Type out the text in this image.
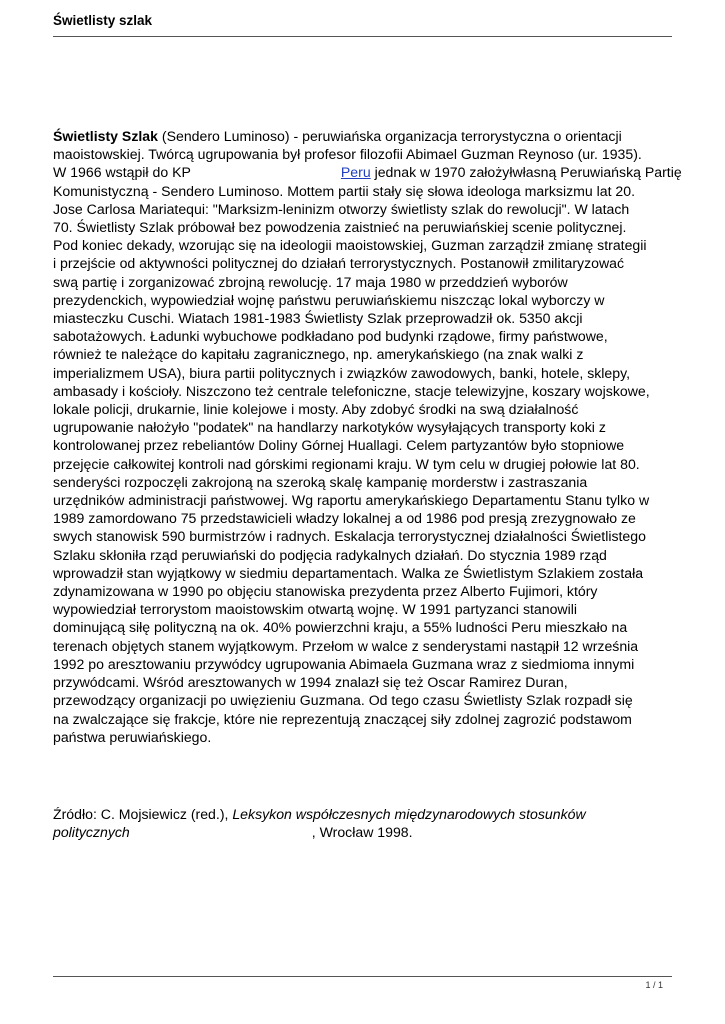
Świetlisty szlak

Świetlisty Szlak (Sendero Luminoso) - peruwiańska organizacja terrorystyczna o orientacji
maoistowskiej. Twórcą ugrupowania był profesor filozofii Abimael Guzman Reynoso (ur. 1935).
W 1966 wstąpił do KP	Peru jednak w 1970 założyłwłasną Peruwiańską Partię
Komunistyczną - Sendero Luminoso. Mottem partii stały się słowa ideologa marksizmu lat 20.
Jose Carlosa Mariatequi: "Marksizm-leninizm otworzy świetlisty szlak do rewolucji". W latach
70. Świetlisty Szlak próbował bez powodzenia zaistnieć na peruwiańskiej scenie politycznej.
Pod koniec dekady, wzorując się na ideologii maoistowskiej, Guzman zarządził zmianę strategii
i przejście od aktywności politycznej do działań terrorystycznych. Postanowił zmilitaryzować
swą partię i zorganizować zbrojną rewolucję. 17 maja 1980 w przeddzień wyborów
prezydenckich, wypowiedział wojnę państwu peruwiańskiemu niszcząc lokal wyborczy w
miasteczku Cuschi. Wiatach 1981-1983 Świetlisty Szlak przeprowadził ok. 5350 akcji
sabotażowych. Ładunki wybuchowe podkładano pod budynki rządowe, firmy państwowe,
również te należące do kapitału zagranicznego, np. amerykańskiego (na znak walki z
imperializmem USA), biura partii politycznych i związków zawodowych, banki, hotele, sklepy,
ambasady i kościoły. Niszczono też centrale telefoniczne, stacje telewizyjne, koszary wojskowe,
lokale policji, drukarnie, linie kolejowe i mosty. Aby zdobyć środki na swą działalność
ugrupowanie nałożyło "podatek" na handlarzy narkotyków wysyłających transporty koki z
kontrolowanej przez rebeliantów Doliny Górnej Huallagi. Celem partyzantów było stopniowe
przejęcie całkowitej kontroli nad górskimi regionami kraju. W tym celu w drugiej połowie lat 80.
senderyści rozpoczęli zakrojoną na szeroką skalę kampanię morderstw i zastraszania
urzędników administracji państwowej. Wg raportu amerykańskiego Departamentu Stanu tylko w
1989 zamordowano 75 przedstawicieli władzy lokalnej a od 1986 pod presją zrezygnowało ze
swych stanowisk 590 burmistrzów i radnych. Eskalacja terrorystycznej działalności Świetlistego
Szlaku skłoniła rząd peruwiański do podjęcia radykalnych działań. Do stycznia 1989 rząd
wprowadził stan wyjątkowy w siedmiu departamentach. Walka ze Świetlistym Szlakiem została
zdynamizowana w 1990 po objęciu stanowiska prezydenta przez Alberto Fujimori, który
wypowiedział terrorystom maoistowskim otwartą wojnę. W 1991 partyzanci stanowili
dominującą siłę polityczną na ok. 40% powierzchni kraju, a 55% ludności Peru mieszkało na
terenach objętych stanem wyjątkowym. Przełom w walce z senderystami nastąpił 12 września
1992 po aresztowaniu przywódcy ugrupowania Abimaela Guzmana wraz z siedmioma innymi
przywódcami. Wśród aresztowanych w 1994 znalazł się też Oscar Ramirez Duran,
przewodzący organizacji po uwięzieniu Guzmana. Od tego czasu Świetlisty Szlak rozpadł się
na zwalczające się frakcje, które nie reprezentują znaczącej siły zdolnej zagrozić podstawom
państwa peruwiańskiego.

Źródło: C. Mojsiewicz (red.), Leksykon współczesnych międzynarodowych stosunków
politycznych	, Wrocław 1998.
1 / 1
